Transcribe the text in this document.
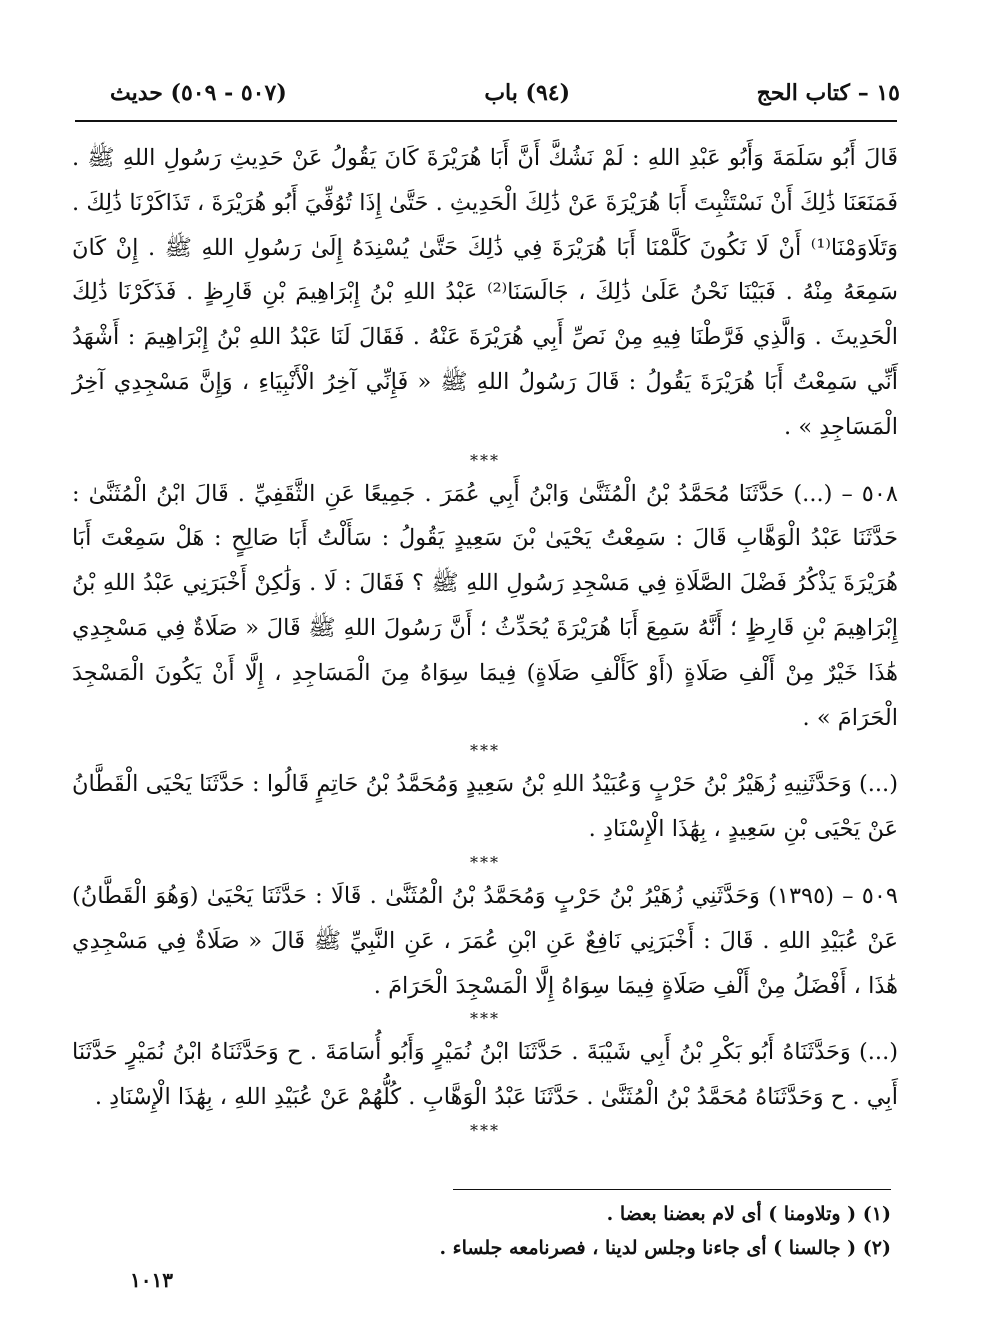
١٥ – كتاب الحج
(٩٤) باب
(٥٠٧ - ٥٠٩) حديث

قَالَ أَبُو سَلَمَةَ وَأَبُو عَبْدِ اللهِ : لَمْ نَشُكَّ أَنَّ أَبَا هُرَيْرَةَ كَانَ يَقُولُ عَنْ حَدِيثِ رَسُولِ اللهِ ﷺ . فَمَنَعَنَا ذَٰلِكَ أَنْ نَسْتَثْبِتَ أَبَا هُرَيْرَةَ عَنْ ذَٰلِكَ الْحَدِيثِ . حَتَّىٰ إِذَا تُوُفِّيَ أَبُو هُرَيْرَةَ ، تَذَاكَرْنَا ذَٰلِكَ . وَتَلَاوَمْنَا⁽¹⁾ أَنْ لَا نَكُونَ كَلَّمْنَا أَبَا هُرَيْرَةَ فِي ذَٰلِكَ حَتَّىٰ يُسْنِدَهُ إِلَىٰ رَسُولِ اللهِ ﷺ . إِنْ كَانَ سَمِعَهُ مِنْهُ . فَبَيْنَا نَحْنُ عَلَىٰ ذَٰلِكَ ، جَالَسَنَا⁽²⁾ عَبْدُ اللهِ بْنُ إِبْرَاهِيمَ بْنِ قَارِظٍ . فَذَكَرْنَا ذَٰلِكَ الْحَدِيثَ . وَالَّذِي فَرَّطْنَا فِيهِ مِنْ نَصِّ أَبِي هُرَيْرَةَ عَنْهُ . فَقَالَ لَنَا عَبْدُ اللهِ بْنُ إِبْرَاهِيمَ : أَشْهَدُ أَنِّي سَمِعْتُ أَبَا هُرَيْرَةَ يَقُولُ : قَالَ رَسُولُ اللهِ ﷺ « فَإِنِّي آخِرُ الْأَنْبِيَاءِ ، وَإِنَّ مَسْجِدِي آخِرُ الْمَسَاجِدِ » .

***

٥٠٨ – (...) حَدَّثَنَا مُحَمَّدُ بْنُ الْمُثَنَّىٰ وَابْنُ أَبِي عُمَرَ . جَمِيعًا عَنِ الثَّقَفِيِّ . قَالَ ابْنُ الْمُثَنَّىٰ : حَدَّثَنَا عَبْدُ الْوَهَّابِ قَالَ : سَمِعْتُ يَحْيَىٰ بْنَ سَعِيدٍ يَقُولُ : سَأَلْتُ أَبَا صَالِحٍ : هَلْ سَمِعْتَ أَبَا هُرَيْرَةَ يَذْكُرُ فَضْلَ الصَّلَاةِ فِي مَسْجِدِ رَسُولِ اللهِ ﷺ ؟ فَقَالَ : لَا . وَلَٰكِنْ أَخْبَرَنِي عَبْدُ اللهِ بْنُ إِبْرَاهِيمَ بْنِ قَارِظٍ ؛ أَنَّهُ سَمِعَ أَبَا هُرَيْرَةَ يُحَدِّثُ ؛ أَنَّ رَسُولَ اللهِ ﷺ قَالَ « صَلَاةٌ فِي مَسْجِدِي هَٰذَا خَيْرٌ مِنْ أَلْفِ صَلَاةٍ (أَوْ كَأَلْفِ صَلَاةٍ) فِيمَا سِوَاهُ مِنَ الْمَسَاجِدِ ، إِلَّا أَنْ يَكُونَ الْمَسْجِدَ الْحَرَامَ » .

***

(...) وَحَدَّثَنِيهِ زُهَيْرُ بْنُ حَرْبٍ وَعُبَيْدُ اللهِ بْنُ سَعِيدٍ وَمُحَمَّدُ بْنُ حَاتِمٍ قَالُوا : حَدَّثَنَا يَحْيَى الْقَطَّانُ عَنْ يَحْيَى بْنِ سَعِيدٍ ، بِهَٰذَا الْإِسْنَادِ .

***

٥٠٩ – (١٣٩٥) وَحَدَّثَنِي زُهَيْرُ بْنُ حَرْبٍ وَمُحَمَّدُ بْنُ الْمُثَنَّىٰ . قَالَا : حَدَّثَنَا يَحْيَىٰ (وَهُوَ الْقَطَّانُ) عَنْ عُبَيْدِ اللهِ . قَالَ : أَخْبَرَنِي نَافِعٌ عَنِ ابْنِ عُمَرَ ، عَنِ النَّبِيِّ ﷺ قَالَ « صَلَاةٌ فِي مَسْجِدِي هَٰذَا ، أَفْضَلُ مِنْ أَلْفِ صَلَاةٍ فِيمَا سِوَاهُ إِلَّا الْمَسْجِدَ الْحَرَامَ .

***

(...) وَحَدَّثَنَاهُ أَبُو بَكْرِ بْنُ أَبِي شَيْبَةَ . حَدَّثَنَا ابْنُ نُمَيْرٍ وَأَبُو أُسَامَةَ . ح وَحَدَّثَنَاهُ ابْنُ نُمَيْرٍ حَدَّثَنَا أَبِي . ح وَحَدَّثَنَاهُ مُحَمَّدُ بْنُ الْمُثَنَّىٰ . حَدَّثَنَا عَبْدُ الْوَهَّابِ . كُلُّهُمْ عَنْ عُبَيْدِ اللهِ ، بِهَٰذَا الْإِسْنَادِ .

***
(١) ( وتلاومنا ) أى لام بعضنا بعضا .
(٢) ( جالسنا ) أى جاءنا وجلس لدينا ، فصرنامعه جلساء .
١٠١٣
